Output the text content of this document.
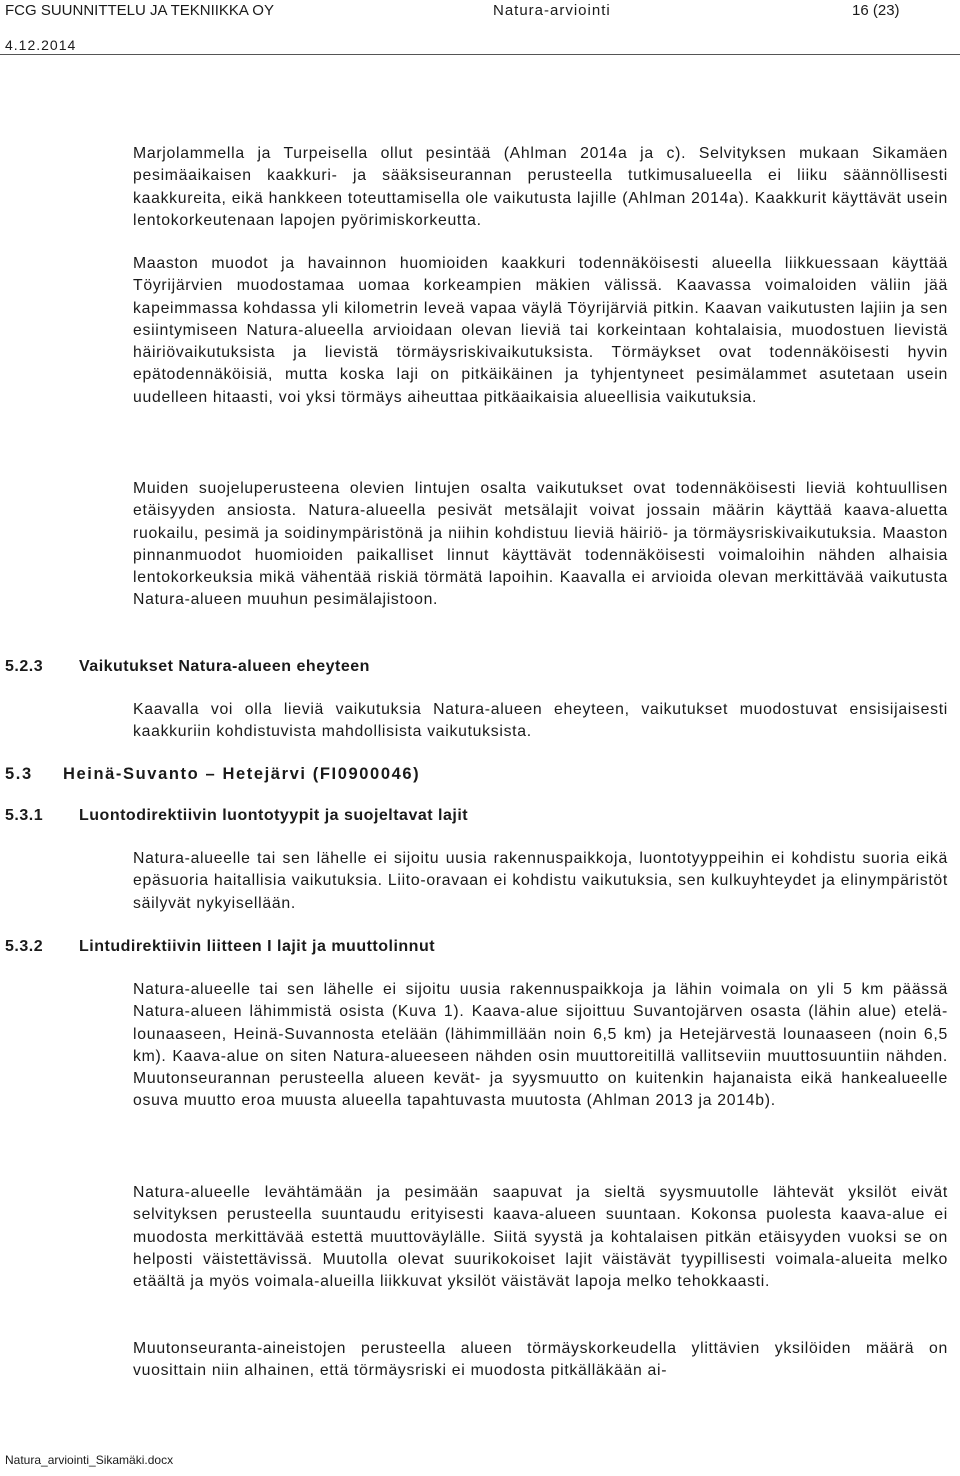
FCG SUUNNITTELU JA TEKNIIKKA OY	Natura-arviointi	16 (23)
4.12.2014

Marjolammella ja Turpeisella ollut pesintää (Ahlman 2014a ja c). Selvityksen mukaan Sikamäen pesimäaikaisen kaakkuri- ja sääksiseurannan perusteella tutkimusalueella ei liiku säännöllisesti kaakkureita, eikä hankkeen toteuttamisella ole vaikutusta lajille (Ahlman 2014a). Kaakkurit käyttävät usein lentokorkeutenaan lapojen pyörimiskorkeutta.

Maaston muodot ja havainnon huomioiden kaakkuri todennäköisesti alueella liikkuessaan käyttää Töyrijärvien muodostamaa uomaa korkeampien mäkien välissä. Kaavassa voimaloiden väliin jää kapeimmassa kohdassa yli kilometrin leveä vapaa väylä Töyrijärviä pitkin. Kaavan vaikutusten lajiin ja sen esiintymiseen Natura-alueella arvioidaan olevan lieviä tai korkeintaan kohtalaisia, muodostuen lievistä häiriövaikutuksista ja lievistä törmäysriskivaikutuksista. Törmäykset ovat todennäköisesti hyvin epätodennäköisiä, mutta koska laji on pitkäikäinen ja tyhjentyneet pesimälammet asutetaan usein uudelleen hitaasti, voi yksi törmäys aiheuttaa pitkäaikaisia alueellisia vaikutuksia.

Muiden suojeluperusteena olevien lintujen osalta vaikutukset ovat todennäköisesti lieviä kohtuullisen etäisyyden ansiosta. Natura-alueella pesivät metsälajit voivat jossain määrin käyttää kaava-aluetta ruokailu, pesimä ja soidinympäristönä ja niihin kohdistuu lieviä häiriö- ja törmäysriskivaikutuksia. Maaston pinnanmuodot huomioiden paikalliset linnut käyttävät todennäköisesti voimaloihin nähden alhaisia lentokorkeuksia mikä vähentää riskiä törmätä lapoihin. Kaavalla ei arvioida olevan merkittävää vaikutusta Natura-alueen muuhun pesimälajistoon.

5.2.3 Vaikutukset Natura-alueen eheyteen

Kaavalla voi olla lieviä vaikutuksia Natura-alueen eheyteen, vaikutukset muodostuvat ensisijaisesti kaakkuriin kohdistuvista mahdollisista vaikutuksista.

5.3 Heinä-Suvanto – Hetejärvi (FI0900046)
5.3.1 Luontodirektiivin luontotyypit ja suojeltavat lajit

Natura-alueelle tai sen lähelle ei sijoitu uusia rakennuspaikkoja, luontotyyppeihin ei kohdistu suoria eikä epäsuoria haitallisia vaikutuksia. Liito-oravaan ei kohdistu vaikutuksia, sen kulkuyhteydet ja elinympäristöt säilyvät nykyisellään.

5.3.2 Lintudirektiivin liitteen I lajit ja muuttolinnut

Natura-alueelle tai sen lähelle ei sijoitu uusia rakennuspaikkoja ja lähin voimala on yli 5 km päässä Natura-alueen lähimmistä osista (Kuva 1). Kaava-alue sijoittuu Suvantojärven osasta (lähin alue) etelä-lounaaseen, Heinä-Suvannosta etelään (lähimmillään noin 6,5 km) ja Hetejärvestä lounaaseen (noin 6,5 km). Kaava-alue on siten Natura-alueeseen nähden osin muuttoreitillä vallitseviin muuttosuuntiin nähden. Muutonseurannan perusteella alueen kevät- ja syysmuutto on kuitenkin hajanaista eikä hankealueelle osuva muutto eroa muusta alueella tapahtuvasta muutosta (Ahlman 2013 ja 2014b).

Natura-alueelle levähtämään ja pesimään saapuvat ja sieltä syysmuutolle lähtevät yksilöt eivät selvityksen perusteella suuntaudu erityisesti kaava-alueen suuntaan. Kokonsa puolesta kaava-alue ei muodosta merkittävää estettä muuttoväylälle. Siitä syystä ja kohtalaisen pitkän etäisyyden vuoksi se on helposti väistettävissä. Muutolla olevat suurikokoiset lajit väistävät tyypillisesti voimala-alueita melko etäältä ja myös voimala-alueilla liikkuvat yksilöt väistävät lapoja melko tehokkaasti.

Muutonseuranta-aineistojen perusteella alueen törmäyskorkeudella ylittävien yksilöiden määrä on vuosittain niin alhainen, että törmäysriski ei muodosta pitkälläkään ai-

Natura_arviointi_Sikamäki.docx
